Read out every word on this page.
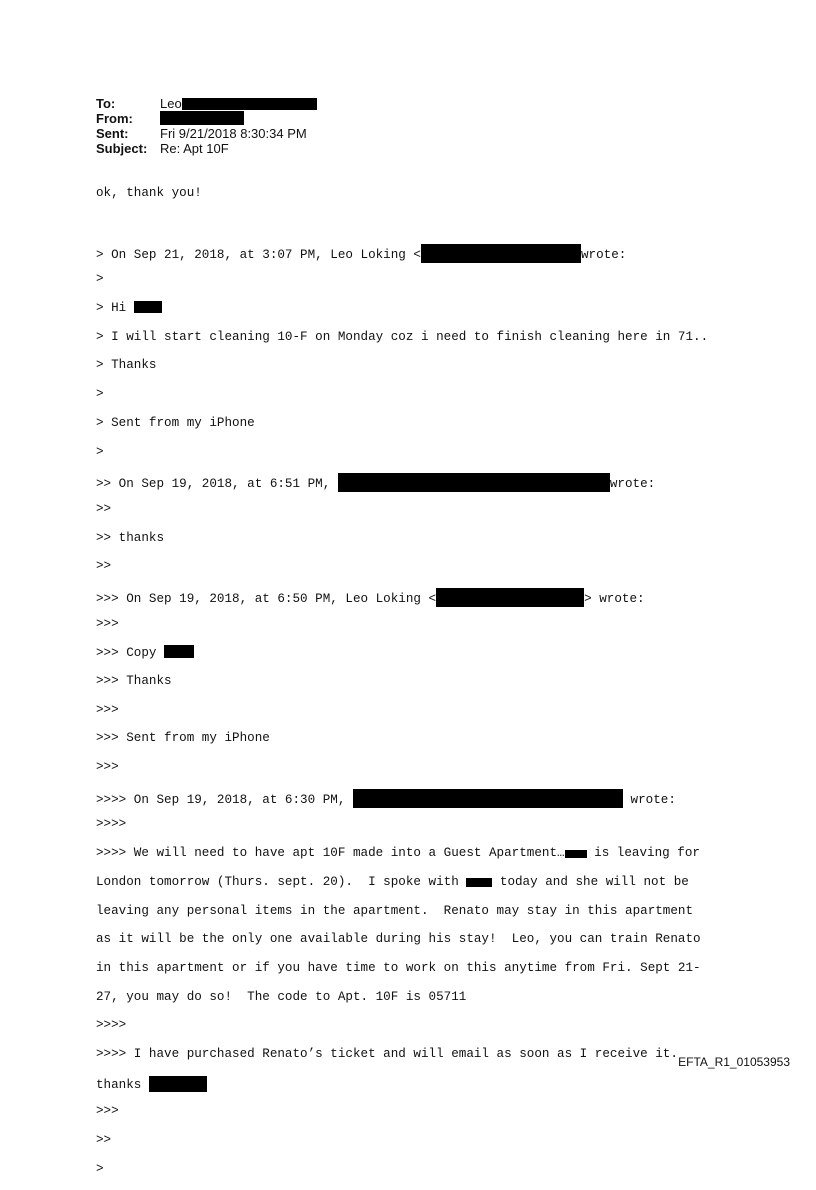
To:	Leo
From:
Sent:	Fri 9/21/2018 8:30:34 PM
Subject: Re: Apt 10F

ok, thank you!

> On Sep 21, 2018, at 3:07 PM, Leo Loking <	wrote:

>

> Hi

> I will start cleaning 10-F on Monday coz i need to finish cleaning here in 71..

> Thanks

>

> Sent from my iPhone

>

>> On Sep 19, 2018, at 6:51 PM,	wrote:

>>

>> thanks

>>

>>> On Sep 19, 2018, at 6:50 PM, Leo Loking <	> wrote:

>>>

>>> Copy

>>> Thanks

>>>

>>> Sent from my iPhone

>>>

>>>> On Sep 19, 2018, at 6:30 PM,	wrote:

>>>>

>>>> We will need to have apt 10F made into a Guest Apartment… is leaving for

London tomorrow (Thurs. sept. 20).  I spoke with  today and she will not be

leaving any personal items in the apartment.  Renato may stay in this apartment

as it will be the only one available during his stay!  Leo, you can train Renato

in this apartment or if you have time to work on this anytime from Fri. Sept 21-

27, you may do so!  The code to Apt. 10F is 05711

>>>>

>>>> I have purchased Renato’s ticket and will email as soon as I receive it.

thanks

>>>

>>

>

EFTA_R1_01053953
